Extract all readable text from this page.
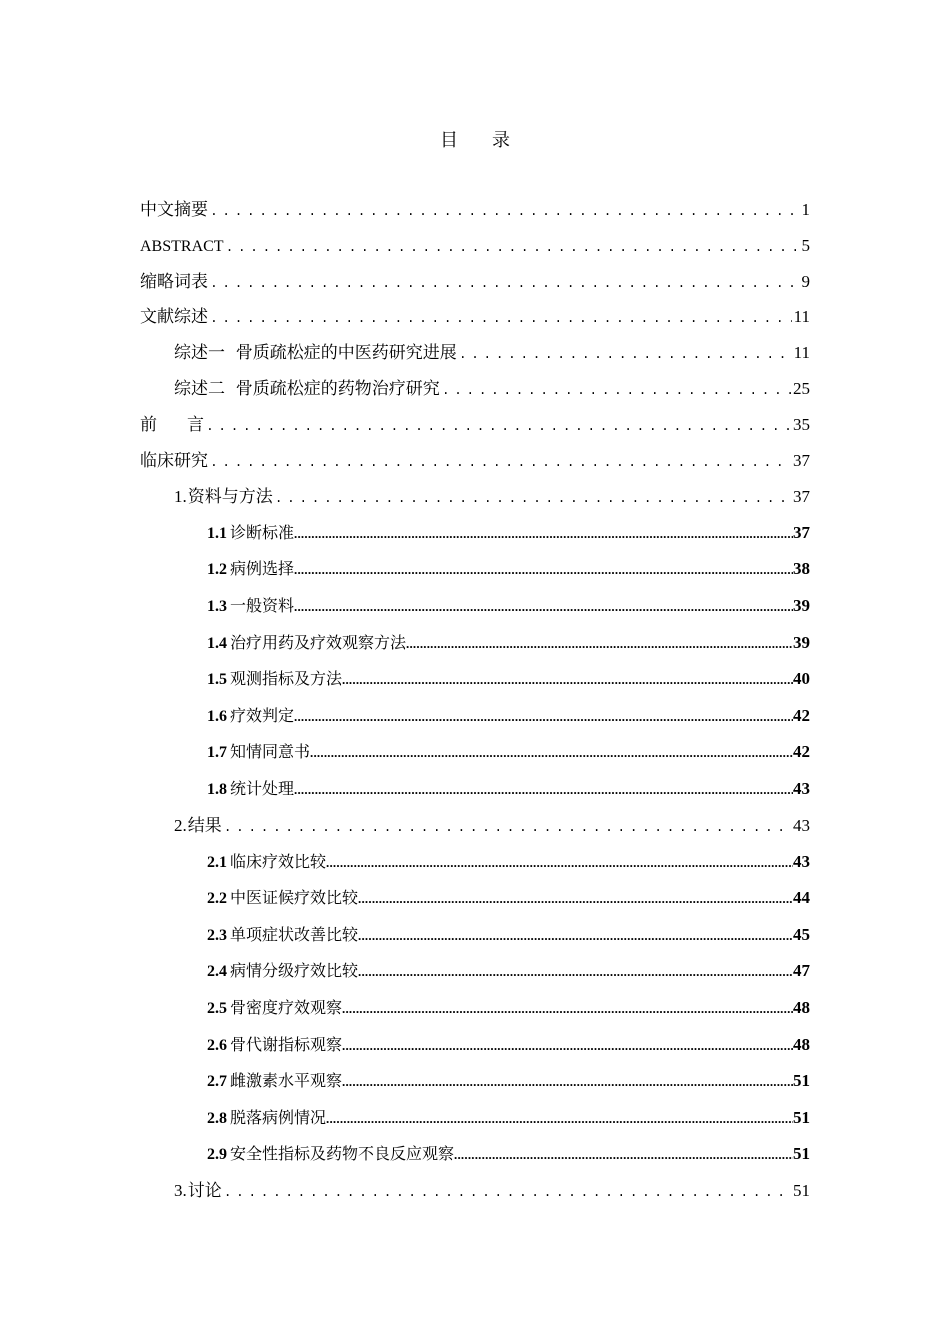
目 录
中文摘要 .....	1
ABSTRACT .....	5
缩略词表 .....	9
文献综述 .....	11
综述一  骨质疏松症的中医药研究进展 .....	11
综述二  骨质疏松症的药物治疗研究 .....	25
前 言 .....	35
临床研究 .....	37
1.资料与方法 .....	37
1.1 诊断标准 .....	37
1.2 病例选择 .....	38
1.3 一般资料 .....	39
1.4 治疗用药及疗效观察方法 .....	39
1.5 观测指标及方法 .....	40
1.6 疗效判定 .....	42
1.7 知情同意书 .....	42
1.8 统计处理 .....	43
2.结果 .....	43
2.1 临床疗效比较 .....	43
2.2 中医证候疗效比较 .....	44
2.3 单项症状改善比较 .....	45
2.4 病情分级疗效比较 .....	47
2.5 骨密度疗效观察 .....	48
2.6 骨代谢指标观察 .....	48
2.7 雌激素水平观察 .....	51
2.8 脱落病例情况 .....	51
2.9 安全性指标及药物不良反应观察 .....	51
3.讨论 .....	51
